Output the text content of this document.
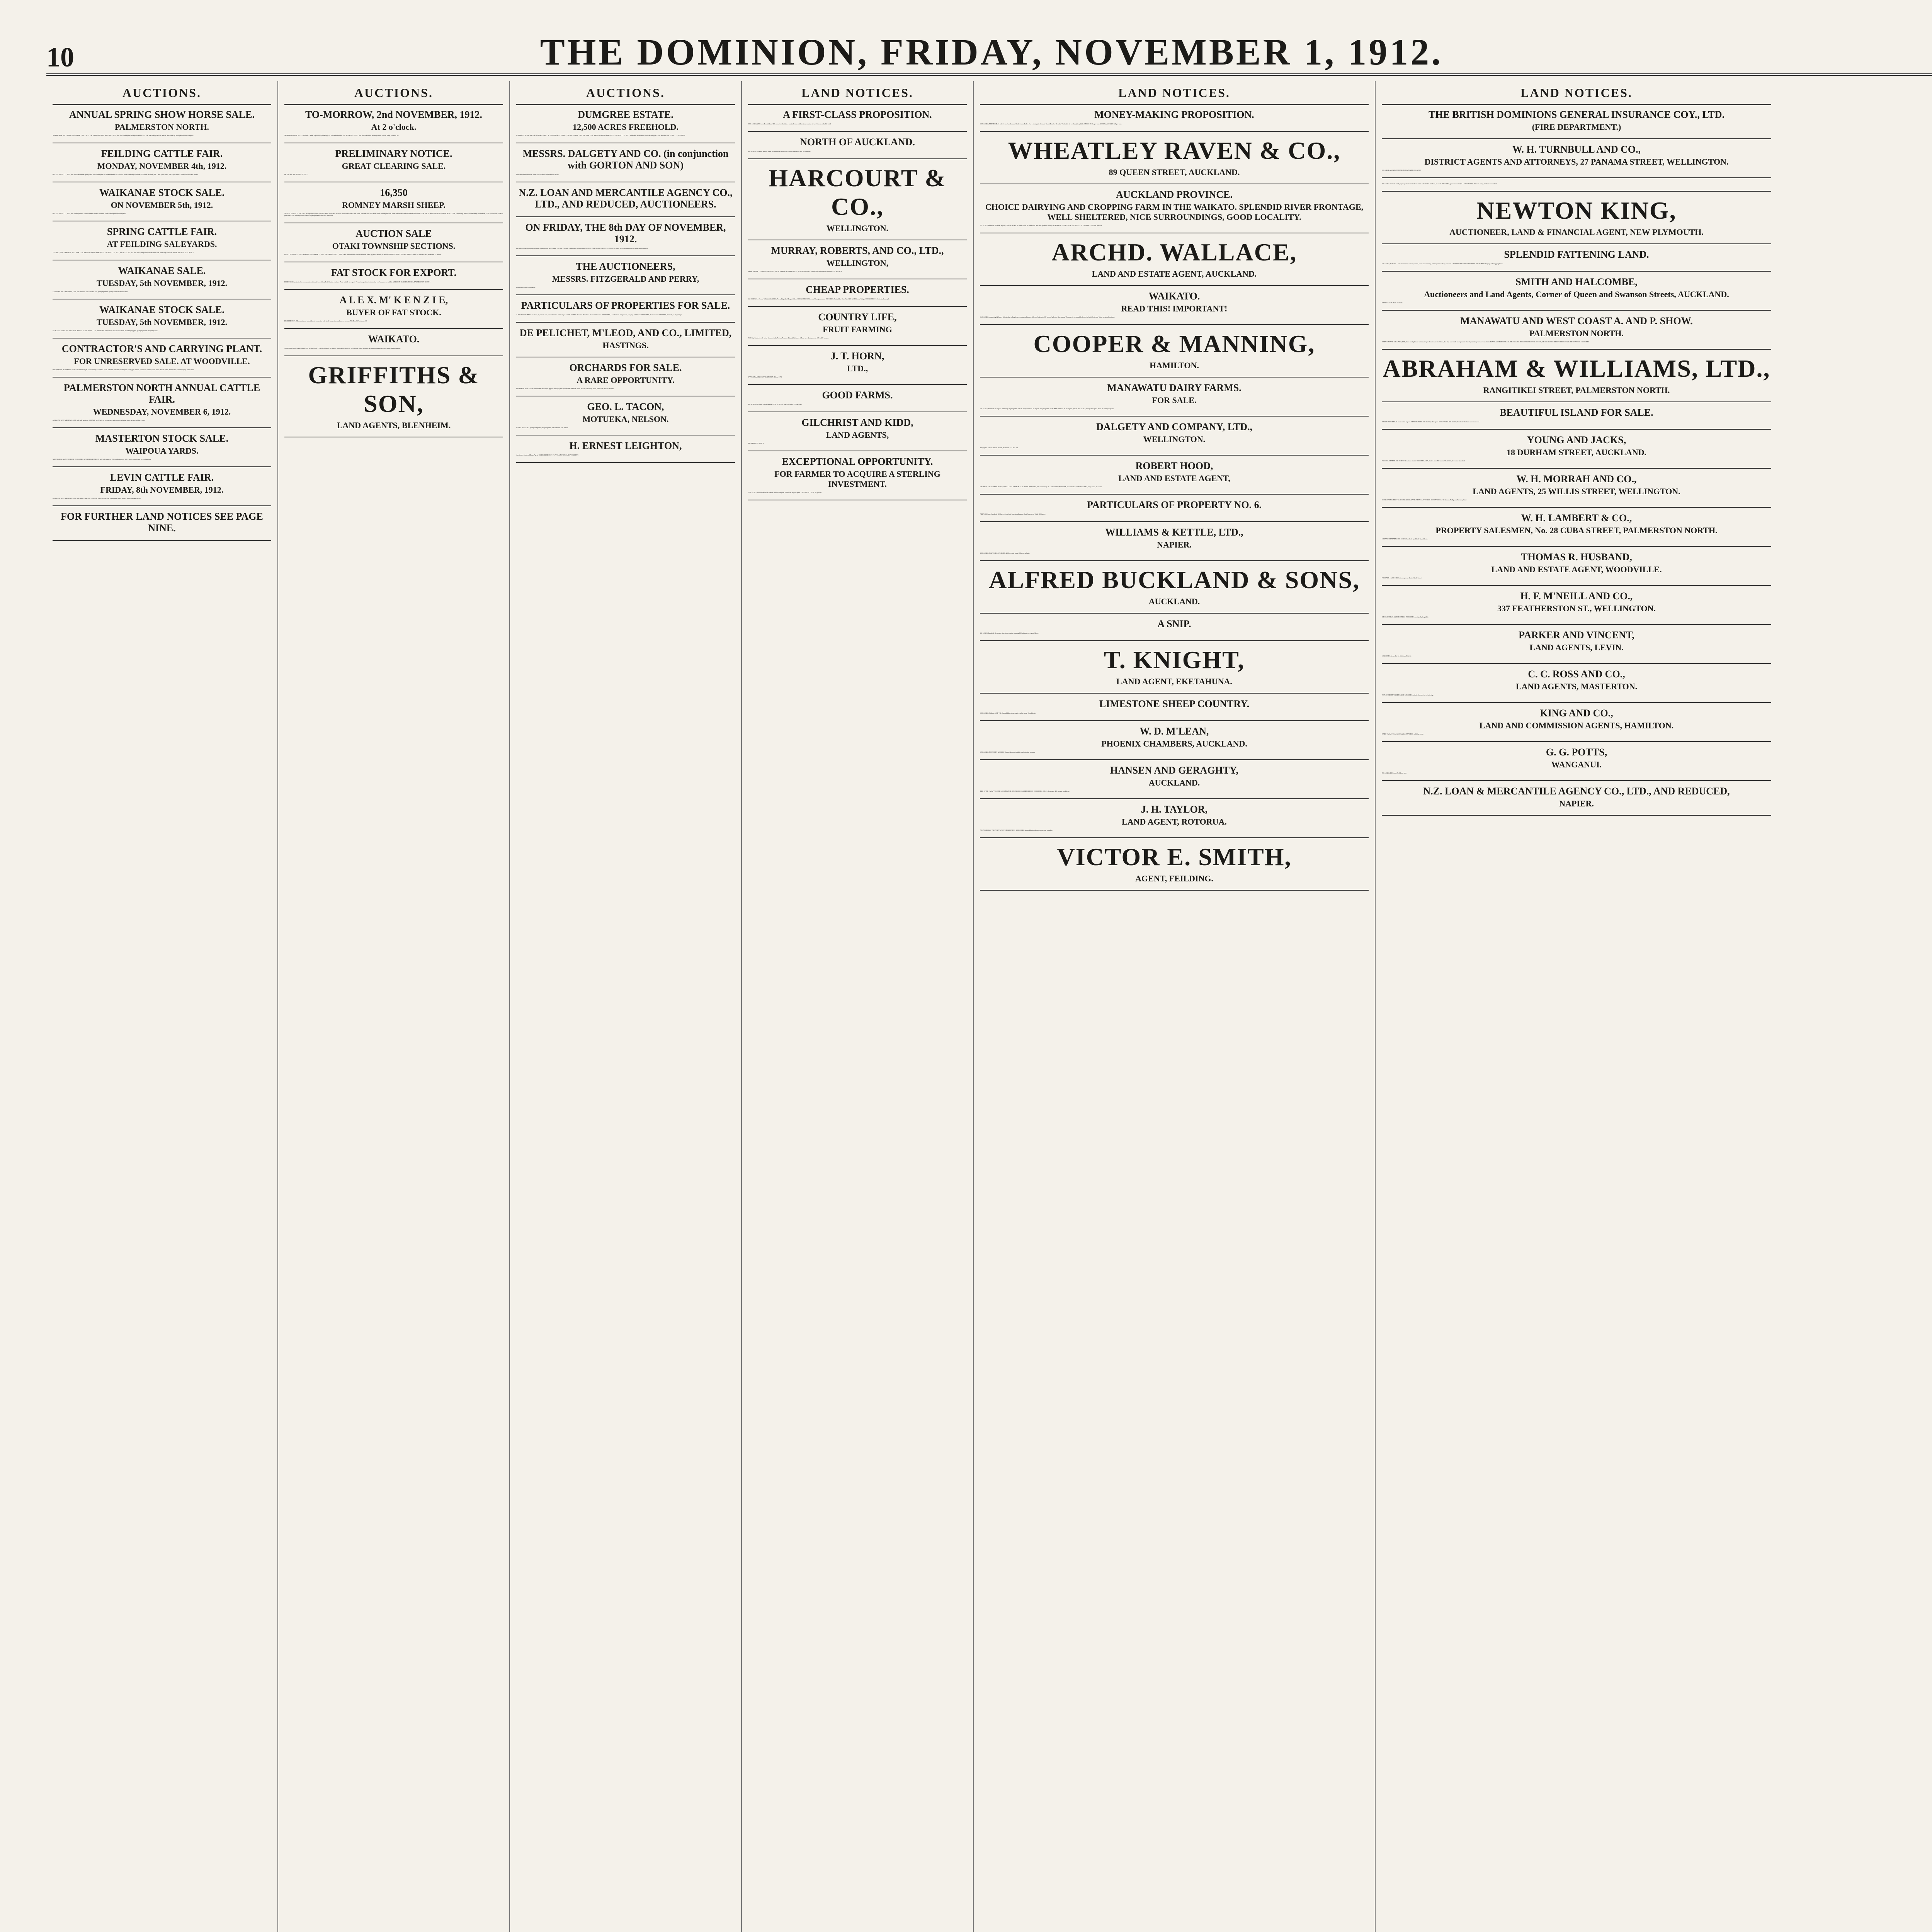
10	THE DOMINION, FRIDAY, NOVEMBER 1, 1912.
AUCTIONS.
ANNUAL SPRING SHOW HORSE SALE.
PALMERSTON NORTH.
TO-MORROW, SATURDAY, NOVEMBER 2, 1912. At 11 a.m. ABRAHAM AND WILLIAMS, LTD., will sell at their yards, Rangitikei Street, at 11 a.m. 100 Draught Horses, Hacks, and Ponies. (Catalogued forward draughts).
FEILDING CATTLE FAIR.
MONDAY, NOVEMBER 4th, 1912.
DALGETY AND CO., LTD., will hold their annual spring cattle fair in their yards on the above date, at 12 o'clock noon, when they will offer 900 Cattle, including 200 2 and 3-year steers, 150 2-year steers, 200 in-calf cows and heifers.
WAIKANAE STOCK SALE.
ON NOVEMBER 5th, 1912.
DALGETY AND CO., LTD., will offer by Public Auction: steers, heifers, cows and calves, and a purebred Jersey bull.
SPRING CATTLE FAIR.
AT FEILDING SALEYARDS.
TUESDAY, NOVEMBER 5th, 1912. NEW ZEALAND LOAN AND MERCANTILE AGENCY CO., LTD., and REDUCED, will hold their spring cattle fair on above date, when they will offer 800 HEAD OF MIXED CATTLE.
WAIKANAE SALE.
TUESDAY, 5th NOVEMBER, 1912.
ABRAHAM AND WILLIAMS, LTD., will sell cows with calves at foot, springing heifers, young steers and mixed cattle.
WAIKANAE STOCK SALE.
TUESDAY, 5th NOVEMBER, 1912.
NEW ZEALAND LOAN AND MERCANTILE AGENCY CO., LTD., and REDUCED, will sell at 12 o'clock noon, including hoggets, springing heifers and young cows.
CONTRACTOR'S AND CARRYING PLANT.
FOR UNRESERVED SALE. AT WOODVILLE.
WEDNESDAY, NOVEMBER 6, 1912. Commencing at 11 a.m. sharp. G. D. MACFARLANE has been instructed by the Mortgagee and the Trustees to sell the whole of the Horses, Plant, Harness and Gear belonging to the estate.
PALMERSTON NORTH ANNUAL CATTLE FAIR.
WEDNESDAY, NOVEMBER 6, 1912.
ABRAHAM AND WILLIAMS, LTD., will sell, as above: 1800 Well-bred Cattle of various ages and classes, including steers, heifers and dairy cows.
MASTERTON STOCK SALE.
WAIPOUA YARDS.
WEDNESDAY, 6th NOVEMBER, 1912. JAMES MACINTOSH AND CO. will sell, as above: 550 woolly hoggets, 300 4 and 6-tooth fat and forward wethers.
LEVIN CATTLE FAIR.
FRIDAY, 8th NOVEMBER, 1912.
ABRAHAM AND WILLIAMS, LTD., will sell at 1 p.m. 500 HEAD OF MIXED CATTLE, comprising: steers, heifers, dairy cows and calves.
FOR FURTHER LAND NOTICES SEE PAGE NINE.
AUCTIONS.
TO-MORROW, 2nd NOVEMBER, 1912.
At 2 o'clock.
MONTHLY HORSE SALE. At Barker's Horse Repository (late Rodger's), Abel Smith Street. A. L. WILSON AND CO. will hold their usual monthly sale of Horses, Traps, Harness, etc.
PRELIMINARY NOTICE.
GREAT CLEARING SALE.
On 25th and 26th FEBRUARY, 1913.
16,350
ROMNEY MARSH SHEEP.
MESSRS. DALGETY AND CO., in conjunction with GORTON AND SON, have received instructions from Ernest Short, who has sold 4000 acres of his Pihoranga Estate, to sell the whole of his ROMNEY MARSH FLOCK SHEEP and PUREBRED HEREFORD CATTLE, comprising: 3000 4-tooth Romney Marsh ewes, 1750 6-tooth ewes, 1300 5-year ewes, 2500 Romney wether lambs, 60 pedigree Hereford cows and calves.
AUCTION SALE
OTAKI TOWNSHIP SECTIONS.
OTAKI TOWN HALL, WEDNESDAY, NOVEMBER 27, 1912. DALGETY AND CO., LTD., have been favoured with instructions to sell by public auction, as above: SPLENDID BUILDING SECTIONS. Terms: 25 per cent. cash, balance in 12 months.
FAT STOCK FOR EXPORT.
PRODUCERS are invited to communicate with us before selling Beef, Mutton, Lamb, or Pork, suitable for export. We are in a position to obtain the very best prices available. MELLSOP, ELLIOTT AND CO., PALMERSTON NORTH.
A L E X. M' K E N Z I E,
BUYER OF FAT STOCK.
FEATHERSTON. All commissions undertaken in connection with stock transactions on farmers' account. P.O. Box 38. Telephone 12.
WAIKATO.
400 ACRES of first-class country; 220 acres first flat, 70 acres low hills, all in grass, with the exception of 20 acres, the whole property has been ploughed and sown down in English grass.
GRIFFITHS & SON,
LAND AGENTS, BLENHEIM.
AUCTIONS.
DUMGREE ESTATE.
12,500 ACRES FREEHOLD.
SUBDIVISION FOR SALE at the TOWN HALL, BLENHEIM, on SATURDAY, 7th DECEMBER, 1912. THE NEW ZEALAND LOAN AND MERCANTILE AGENCY CO., LTD., have been instructed to offer the Dumgree Estate in twenty lots. TOTAL: 12,500 ACRES.
MESSRS. DALGETY AND CO. (in conjunction with GORTON AND SON)
have received instructions to sell lots of land in the Manawatu district.
N.Z. LOAN AND MERCANTILE AGENCY CO., LTD., AND REDUCED, AUCTIONEERS.
ON FRIDAY, THE 8th DAY OF NOVEMBER, 1912.
By Order of the Mortgagee and under the powers of the Property Law Act, Freehold Land situate at Rangitikei. MESSRS. ABRAHAM AND WILLIAMS, LTD., have received instructions to sell by public auction.
THE AUCTIONEERS,
MESSRS. FITZGERALD AND PERRY,
Featherston Street, Wellington.
PARTICULARS OF PROPERTIES FOR SALE.
A BOUT 600 ACRES, Leasehold, 66 years to run, within 16 miles of Hastings. GENTLEMAN'S Beautiful Residence of about 10 rooms. 1100 ACRES, 14 miles from Waipukurau, carrying 1000 sheep. 980 ACRES, all limestone. 368 ACRES, Freehold, at Onga Onga.
DE PELICHET, M'LEOD, AND CO., LIMITED,
HASTINGS.
ORCHARDS FOR SALE.
A RARE OPPORTUNITY.
PROPERTY, about 17 acres, about 1000 best export apples, mostly 6 years planted. PROPERTY, about 16 acres, adjoining above, 1300 trees, mixed varieties.
GEO. L. TACON,
MOTUEKA, NELSON.
OTAKI. 184 ACRES good grazing land, part ploughable, well watered, well fenced.
H. ERNEST LEIGHTON,
Auctioneer, Land and Estate Agent, 166 FEATHERSTON ST., WELLINGTON, Or LOWER HUTT.
LAND NOTICES.
A FIRST-CLASS PROPOSITION.
3200 ACRES, 2800 acres Freehold and 400 acres Leasehold, at a nominal rent, rich limestone country, all well fenced and subdivided.
NORTH OF AUCKLAND.
800 ACRES, 500 acres in good grass, the balance in bush, well watered and fenced into 10 paddocks.
HARCOURT & CO.,
WELLINGTON.
MURRAY, ROBERTS, AND CO., LTD.,
WELLINGTON,
And at NAPIER, GISBORNE, DUNEDIN, MERCHANTS, WOOLBROKERS, AUCTIONEERS, LAND AND GENERAL COMMISSION AGENTS.
CHEAP PROPERTIES.
660 ACRES, L.I.P., near Te Kuiti. 26 ACRES, Freehold, pick of Taupiri Valley. 1000 ACRES, O.R.P., near Whangamomona. 260 ACRES, Freehold, at Tane Flat. 1200 ACRES, near Tolaga. 1300 ACRES, Freehold, Marlborough.
COUNTRY LIFE,
FRUIT FARMING
FOR City People. A Life in the Country. in the Nelson Province. Planted Orchards, £45 per acre. Unimproved, £15 to £25 per acre.
J. T. HORN,
LTD.,
37 PANAMA STREET, WELLINGTON. 'Phone 2173.
GOOD FARMS.
950 ACRES, all in best English grasses. 2750 ACRES of first-class land, 2000 in grass.
GILCHRIST AND KIDD,
LAND AGENTS,
PALMERSTON NORTH.
EXCEPTIONAL OPPORTUNITY.
FOR FARMER TO ACQUIRE A STERLING INVESTMENT.
1700 ACRES, situated less than 25 miles from Wellington, 1000 acres in good grass. 1300 ACRES, O.R.P., all grassed.
LAND NOTICES.
MONEY-MAKING PROPOSITION.
1575 ACRES, FREEHOLD, 11 miles from Hamilton and 4 miles from Tauhei. Has a frontage to the main Tauhei Road of 11 miles. The land is all level and ploughable. PRICE, £7 10s. per acre. MORTGAGE, £2200 at 5 per cent.
WHEATLEY RAVEN & CO.,
89 QUEEN STREET, AUCKLAND.
AUCKLAND PROVINCE.
CHOICE DAIRYING AND CROPPING FARM IN THE WAIKATO. SPLENDID RIVER FRONTAGE, WELL SHELTERED, NICE SURROUNDINGS, GOOD LOCALITY.
155 ACRES, Freehold, 115 acres in grass, 20 acres in oats, 30 acres fallow, 20 acres bush. Soil is of splendid quality. WORTHY OF INSPECTION, AND CHEAP AT THE PRICE, £22 10s. per acre.
ARCHD. WALLACE,
LAND AND ESTATE AGENT, AUCKLAND.
WAIKATO.
READ THIS! IMPORTANT!
1340 ACRES, comprising 220 acres of first-class rolling down country, and improved heavy bush; also 100 acres of splendid flax swamp. The property is splendidly fenced, all with first-class Totara posts and strainers.
COOPER & MANNING,
HAMILTON.
MANAWATU DAIRY FARMS.
FOR SALE.
150 ACRES, Freehold, all in grass and nearly all ploughable. 100 ACRES, Freehold, all in grass and ploughable. 63 ACRES, Freehold, all in English grasses. 105 ACRES, nearly all in grass, about 30 acres ploughable.
DALGETY AND COMPANY, LTD.,
WELLINGTON.
Telegraphic Address: Hood, Avonde, Auckland. P.O. Box 491.
ROBERT HOOD,
LAND AND ESTATE AGENT,
VICTORIA ARCADE BUILDINGS, AUCKLAND. HAS FOR SALE: £5 10s. PER ACRE, 500 acres nearly all Auckland. £17 PER ACRE, near Waiuku. £5600 REMUERA, large house, 13 rooms.
PARTICULARS OF PROPERTY NO. 6.
AREA 2000 acres Freehold; 2635 acres Leasehold Education Reserve. Rent 5s per acre. Total, 4635 acres.
WILLIAMS & KETTLE, LTD.,
NAPIER.
3000 ACRES, WAINGARO, WAIKATO; 2000 acres in grass, 200 acres in bush.
ALFRED BUCKLAND & SONS,
AUCKLAND.
A SNIP.
330 ACRES, Freehold, all grassed, limestone country, carrying 100 milking cows, good House.
T. KNIGHT,
LAND AGENT, EKETAHUNA.
LIMESTONE SHEEP COUNTRY.
1000 ACRES, Waikato, L.I.P. Title. Splendid limestone country; all in grass; 10 paddocks.
W. D. M'LEAN,
PHOENIX CHAMBERS, AUCKLAND.
1050 ACRES, NORTHERN WAIROA. Buyers take note that this is a first-class property.
HANSEN AND GERAGHTY,
AUCKLAND.
THIS IS THE FARM YOU ARE LOOKING FOR. ONLY £1000 CASH REQUIRED. 1330 ACRES, O.R.P., all grassed, 400 acres in good heart.
J. H. TAYLOR,
LAND AGENT, ROTORUA.
A HAWKE'S BAY PROPERTY WORTH INSPECTING. 3200 ACRES, situated 2 miles from a prosperous township.
VICTOR E. SMITH,
AGENT, FEILDING.
LAND NOTICES.
THE BRITISH DOMINIONS GENERAL INSURANCE COY., LTD.
(FIRE DEPARTMENT.)
W. H. TURNBULL AND CO.,
DISTRICT AGENTS AND ATTORNEYS, 27 PANAMA STREET, WELLINGTON.
RELIABLE AGENTS WANTED IN TOWN AND COUNTRY.
475 ACRES Freehold beach property, situate in North Taranaki. 325 ACRES Freehold, all level. 410 ACRES, good Crown land, L.I.P. 550 ACRES, 450 acres being Freehold Crown land.
NEWTON KING,
AUCTIONEER, LAND & FINANCIAL AGENT, NEW PLYMOUTH.
SPLENDID FATTENING LAND.
540 ACRES, Te Aroha, 1 mile from nearest railway station, township, creamery, and important railway junction. CHEAP AUCKLAND DAIRY FARM. 226 ACRES, Dairying and Cropping Land.
SMITH AND HALCOMBE,
Auctioneers and Land Agents, Corner of Queen and Swanson Streets, AUCKLAND.
IMPORTANT PUBLIC NOTICE.
MANAWATU AND WEST COAST A. AND P. SHOW.
PALMERSTON NORTH.
ABRAHAM AND WILLIAMS, LTD., have much pleasure in intimating to those in search of Land, that they have made arrangements whereby intending investors can obtain PLANS AND PARTICULARS. MR. WALTER JOHNSTON'S KOPANE ESTATE, OF 1125 ACRES. RIDDIFORD'S LONGBURN ESTATE OF 1703 ACRES.
ABRAHAM & WILLIAMS, LTD.,
RANGITIKEI STREET, PALMERSTON NORTH.
BEAUTIFUL ISLAND FOR SALE.
ABOUT 850 ACRES, all more or less in grass. SEASIDE FARM. 480 ACRES, all in grass. SHEEP FARM. 400 ACRES, Freehold. The farm is on main road.
YOUNG AND JACKS,
18 DURHAM STREET, AUCKLAND.
FREEHOLD FARMS. 120 ACRES, Eketahuna district. 314 ACRES, L.I.P., 5 miles from Eketahuna. 90 ACRES, first-class dairy land.
W. H. MORRAH AND CO.,
LAND AGENTS, 25 WILLIS STREET, WELLINGTON.
SMALL FARMS. FIRST-CLASS ALLUVIAL LAND. VERY EASY TERMS. SUBDIVISION of the famous Phillipsons Farming Estate.
W. H. LAMBERT & CO.,
PROPERTY SALESMEN, No. 28 CUBA STREET, PALMERSTON NORTH.
CHEAP SHEEP FARM. 1900 ACRES, Freehold, good land, 12 paddocks.
THOMAS R. HUSBAND,
LAND AND ESTATE AGENT, WOODVILLE.
FOR SALE. 18,000 ACRES, in prosperous district North Island.
H. F. M'NEILL AND CO.,
337 FEATHERSTON ST., WELLINGTON.
SHEEP, CATTLE, AND CROPPING. 2500 ACRES, mostly all ploughable.
PARKER AND VINCENT,
LAND AGENTS, LEVIN.
1404 ACRES, situated in the Waitotara District.
C. C. ROSS AND CO.,
LAND AGENTS, MASTERTON.
A SPLENDID RIVERSIDE FARM. 348 ACRES, suitable for dairying or fattening.
KING AND CO.,
LAND AND COMMISSION AGENTS, HAMILTON.
DAIRY FARMS NEAR WANGANUI. 57 ACRES, at £45 per acre.
G. G. POTTS,
WANGANUI.
250 ACRES, L.I.P., rent 7s. 6d. per acre.
N.Z. LOAN & MERCANTILE AGENCY CO., LTD., AND REDUCED,
NAPIER.
